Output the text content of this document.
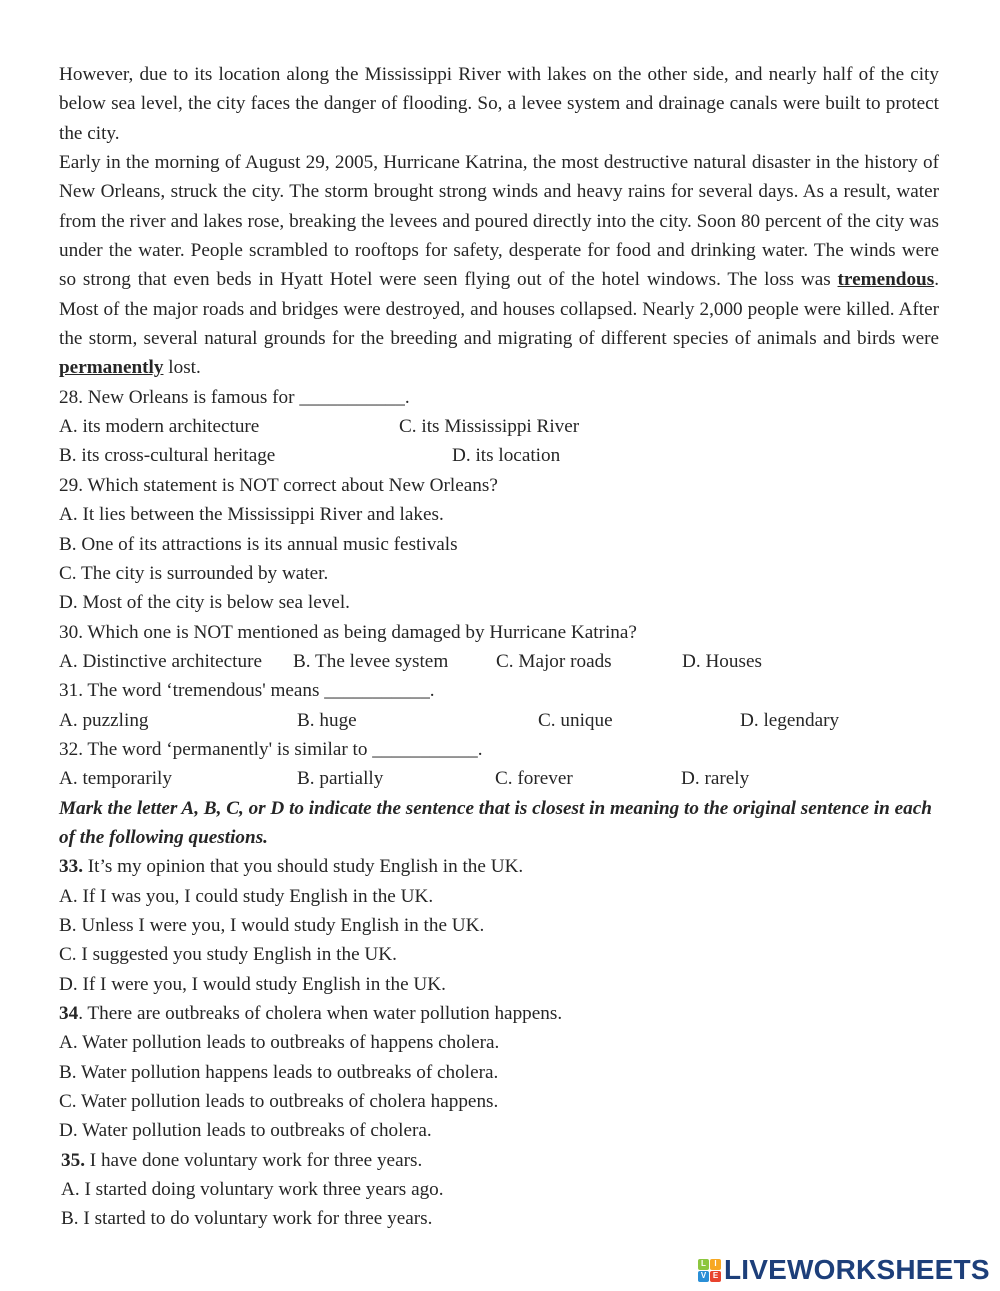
However, due to its location along the Mississippi River with lakes on the other side, and nearly half of the city below sea level, the city faces the danger of flooding. So, a levee system and drainage canals were built to protect the city.

Early in the morning of August 29, 2005, Hurricane Katrina, the most destructive natural disaster in the history of New Orleans, struck the city. The storm brought strong winds and heavy rains for several days. As a result, water from the river and lakes rose, breaking the levees and poured directly into the city. Soon 80 percent of the city was under the water. People scrambled to rooftops for safety, desperate for food and drinking water. The winds were so strong that even beds in Hyatt Hotel were seen flying out of the hotel windows. The loss was tremendous. Most of the major roads and bridges were destroyed, and houses collapsed. Nearly 2,000 people were killed. After the storm, several natural grounds for the breeding and migrating of different species of animals and birds were permanently lost.

28. New Orleans is famous for ___________.
A. its modern architecture	C. its Mississippi River
B. its cross-cultural heritage	D. its location
29. Which statement is NOT correct about New Orleans?
A. It lies between the Mississippi River and lakes.
B. One of its attractions is its annual music festivals
C. The city is surrounded by water.
D. Most of the city is below sea level.
30. Which one is NOT mentioned as being damaged by Hurricane Katrina?
A. Distinctive architecture B. The levee system C. Major roads	D. Houses
31. The word ‘tremendous' means ___________.
A. puzzling	B. huge	C. unique	D. legendary
32. The word ‘permanently' is similar to ___________.
A. temporarily	B. partially	C. forever	D. rarely

Mark the letter A, B, C, or D to indicate the sentence that is closest in meaning to the original sentence in each of the following questions.

33. It’s my opinion that you should study English in the UK.
A. If I was you, I could study English in the UK.
B. Unless I were you, I would study English in the UK.
C. I suggested you study English in the UK.
D. If I were you, I would study English in the UK.
34. There are outbreaks of cholera when water pollution happens.
A. Water pollution leads to outbreaks of happens cholera.
B. Water pollution happens leads to outbreaks of cholera.
C. Water pollution leads to outbreaks of cholera happens.
D. Water pollution leads to outbreaks of cholera.
35. I have done voluntary work for three years.
A. I started doing voluntary work three years ago.
B. I started to do voluntary work for three years.
L	I
V E LIVEWORKSHEETS
